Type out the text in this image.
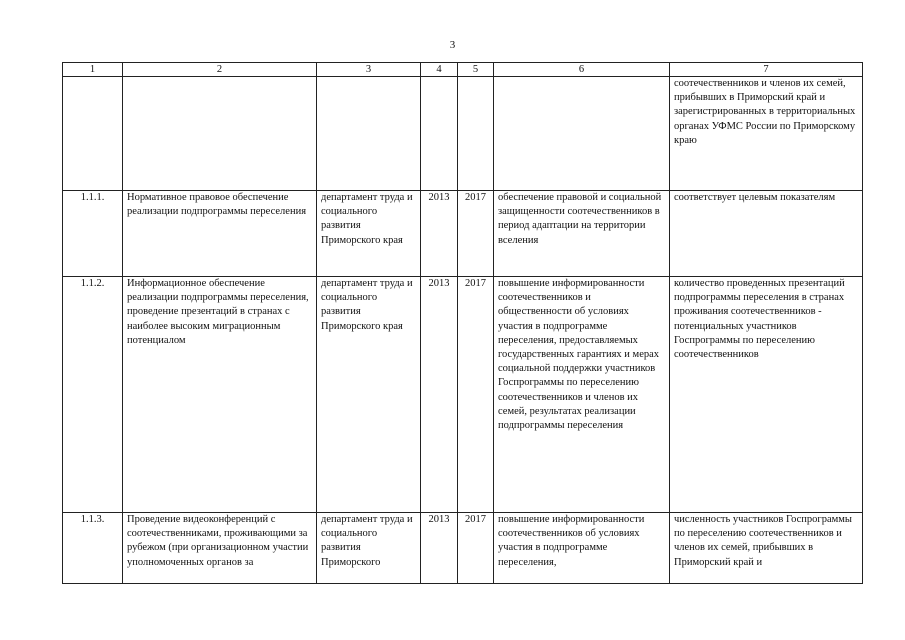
3
1	2	3	4	5	6	7
						соотечественников и членов их семей, прибывших в Приморский край и зарегистрированных в территориальных органах УФМС России по Приморскому краю
1.1.1.	Нормативное правовое обеспечение реализации подпрограммы переселения	департамент труда и социального развития Приморского края	2013	2017	обеспечение правовой и социальной защищенности соотечественников в период адаптации на территории вселения	соответствует целевым показателям
1.1.2.	Информационное обеспечение реализации подпрограммы переселения, проведение презентаций в странах с наиболее высоким миграционным потенциалом	департамент труда и социального развития Приморского края	2013	2017	повышение информированности соотечественников и общественности об условиях участия в подпрограмме переселения, предоставляемых государственных гарантиях и мерах социальной поддержки участников Госпрограммы по переселению соотечественников и членов их семей, результатах реализации подпрограммы переселения	количество проведенных презентаций подпрограммы переселения в странах проживания соотечественников - потенциальных участников Госпрограммы по переселению соотечественников
1.1.3.	Проведение видеоконференций с соотечественниками, проживающими за рубежом (при организационном участии уполномоченных органов за	департамент труда и социального развития Приморского	2013	2017	повышение информированности соотечественников об условиях участия в подпрограмме переселения,	численность участников Госпрограммы по переселению соотечественников и членов их семей, прибывших в Приморский край и
